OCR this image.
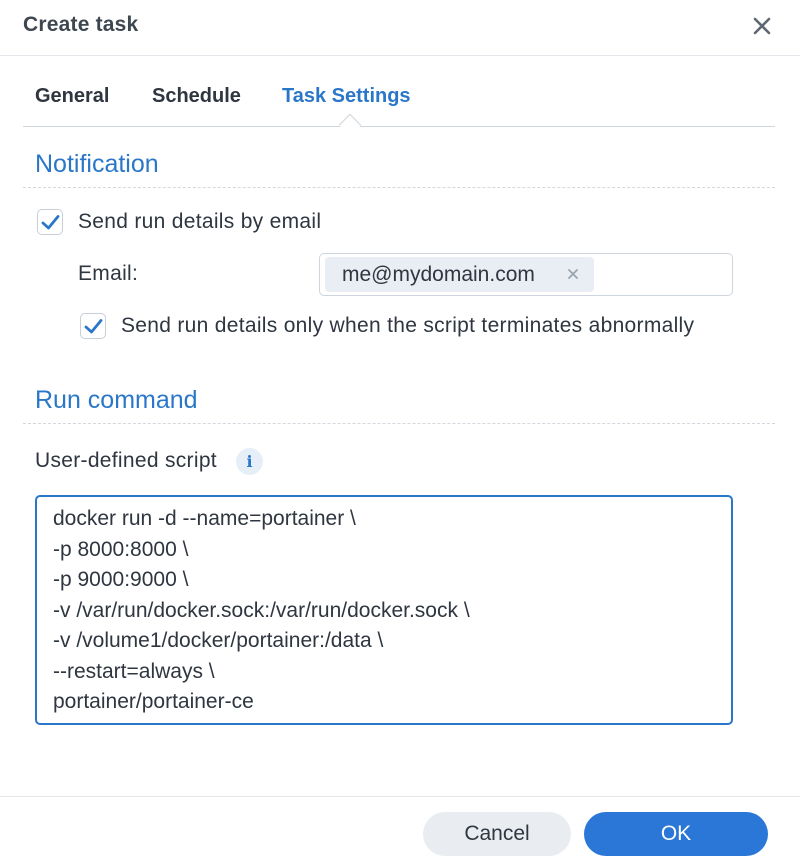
Create task
General Schedule Task Settings
Notification
Send run details by email
Email:	me@mydomain.com
Send run details only when the script terminates abnormally
Run command
User-defined script	i
docker run -d --name=portainer \
-p 8000:8000 \
-p 9000:9000 \
-v /var/run/docker.sock:/var/run/docker.sock \
-v /volume1/docker/portainer:/data \
--restart=always \
portainer/portainer-ce
Cancel	OK
